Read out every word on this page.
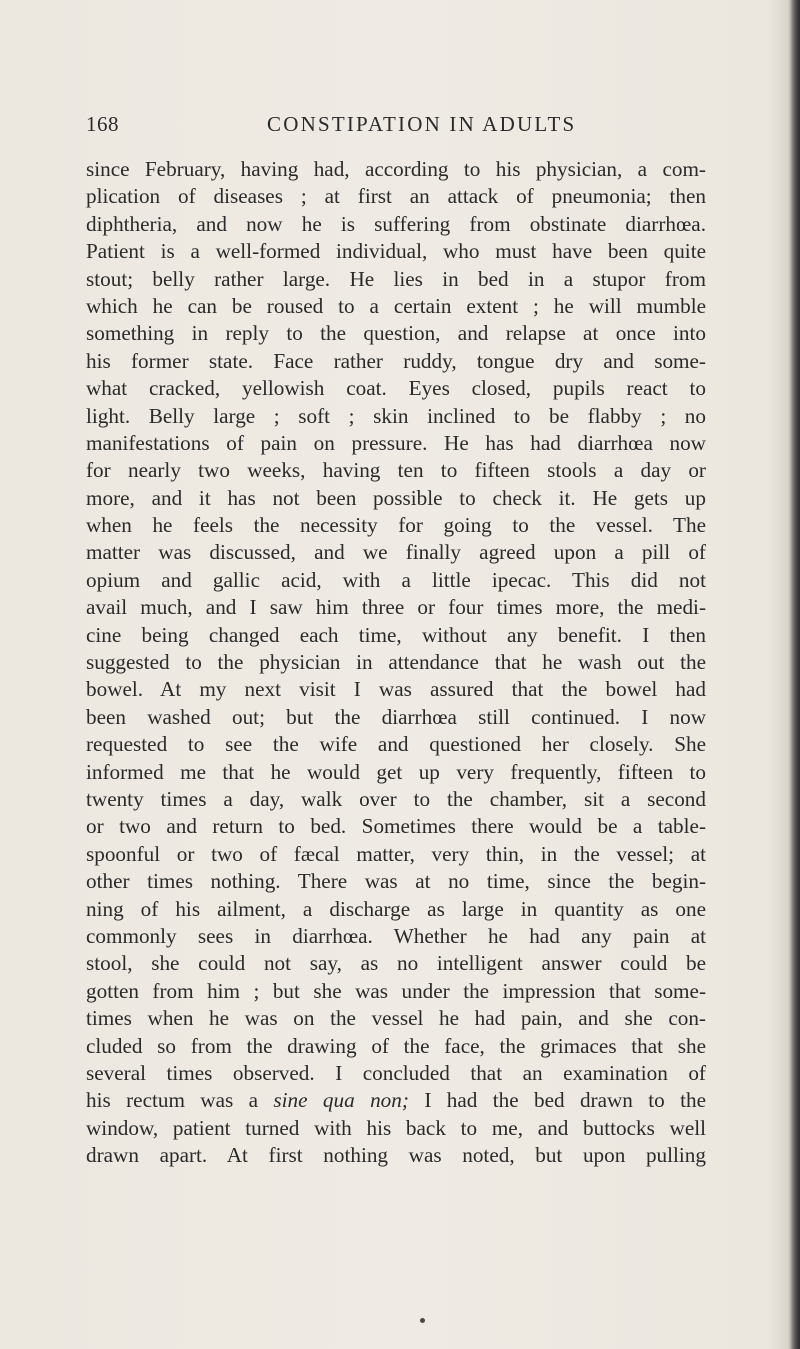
168	CONSTIPATION IN ADULTS
since February, having had, according to his physician, a com-
plication of diseases ; at first an attack of pneumonia; then
diphtheria, and now he is suffering from obstinate diarrhœa.
Patient is a well-formed individual, who must have been quite
stout; belly rather large. He lies in bed in a stupor from
which he can be roused to a certain extent ; he will mumble
something in reply to the question, and relapse at once into
his former state. Face rather ruddy, tongue dry and some-
what cracked, yellowish coat. Eyes closed, pupils react to
light. Belly large ; soft ; skin inclined to be flabby ; no
manifestations of pain on pressure. He has had diarrhœa now
for nearly two weeks, having ten to fifteen stools a day or
more, and it has not been possible to check it. He gets up
when he feels the necessity for going to the vessel. The
matter was discussed, and we finally agreed upon a pill of
opium and gallic acid, with a little ipecac. This did not
avail much, and I saw him three or four times more, the medi-
cine being changed each time, without any benefit. I then
suggested to the physician in attendance that he wash out the
bowel. At my next visit I was assured that the bowel had
been washed out; but the diarrhœa still continued. I now
requested to see the wife and questioned her closely. She
informed me that he would get up very frequently, fifteen to
twenty times a day, walk over to the chamber, sit a second
or two and return to bed. Sometimes there would be a table-
spoonful or two of fæcal matter, very thin, in the vessel; at
other times nothing. There was at no time, since the begin-
ning of his ailment, a discharge as large in quantity as one
commonly sees in diarrhœa. Whether he had any pain at
stool, she could not say, as no intelligent answer could be
gotten from him ; but she was under the impression that some-
times when he was on the vessel he had pain, and she con-
cluded so from the drawing of the face, the grimaces that she
several times observed. I concluded that an examination of
his rectum was a sine qua non; I had the bed drawn to the
window, patient turned with his back to me, and buttocks well
drawn apart. At first nothing was noted, but upon pulling
